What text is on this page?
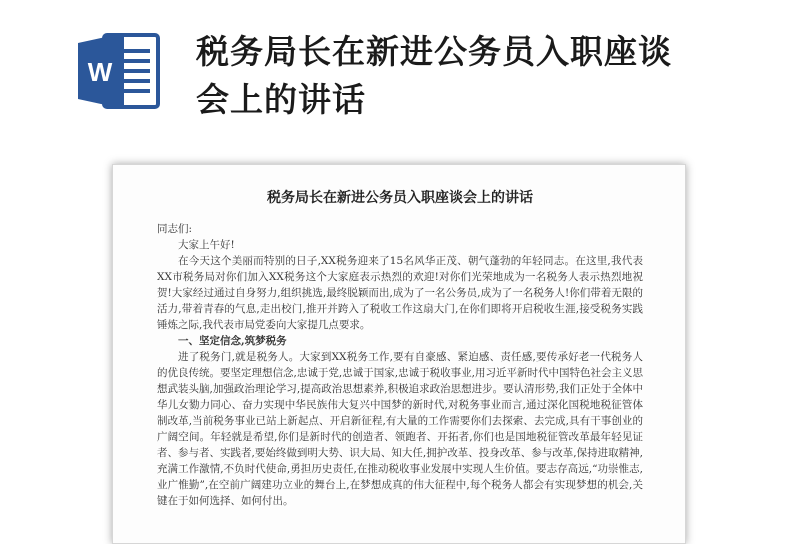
W
税务局长在新进公务员入职座谈
会上的讲话
税务局长在新进公务员入职座谈会上的讲话

同志们:

大家上午好!

在今天这个美丽而特别的日子,XX税务迎来了15名风华正茂、朝气蓬勃的年轻同志。在这里,我代表XX市税务局对你们加入XX税务这个大家庭表示热烈的欢迎!对你们光荣地成为一名税务人表示热烈地祝贺!大家经过通过自身努力,组织挑选,最终脱颖而出,成为了一名公务员,成为了一名税务人!你们带着无限的活力,带着青春的气息,走出校门,推开并跨入了税收工作这扇大门,在你们即将开启税收生涯,接受税务实践锤炼之际,我代表市局党委向大家提几点要求。

一、坚定信念,筑梦税务

进了税务门,就是税务人。大家到XX税务工作,要有自豪感、紧迫感、责任感,要传承好老一代税务人的优良传统。要坚定理想信念,忠诚于党,忠诚于国家,忠诚于税收事业,用习近平新时代中国特色社会主义思想武装头脑,加强政治理论学习,提高政治思想素养,积极追求政治思想进步。要认清形势,我们正处于全体中华儿女勠力同心、奋力实现中华民族伟大复兴中国梦的新时代,对税务事业而言,通过深化国税地税征管体制改革,当前税务事业已站上新起点、开启新征程,有大量的工作需要你们去探索、去完成,具有干事创业的广阔空间。年轻就是希望,你们是新时代的创造者、领跑者、开拓者,你们也是国地税征管改革最年轻见证者、参与者、实践者,要始终做到明大势、识大局、知大任,拥护改革、投身改革、参与改革,保持进取精神,充满工作激情,不负时代使命,勇担历史责任,在推动税收事业发展中实现人生价值。要志存高远,“功崇惟志,业广惟勤”,在空前广阔建功立业的舞台上,在梦想成真的伟大征程中,每个税务人都会有实现梦想的机会,关键在于如何选择、如何付出。
